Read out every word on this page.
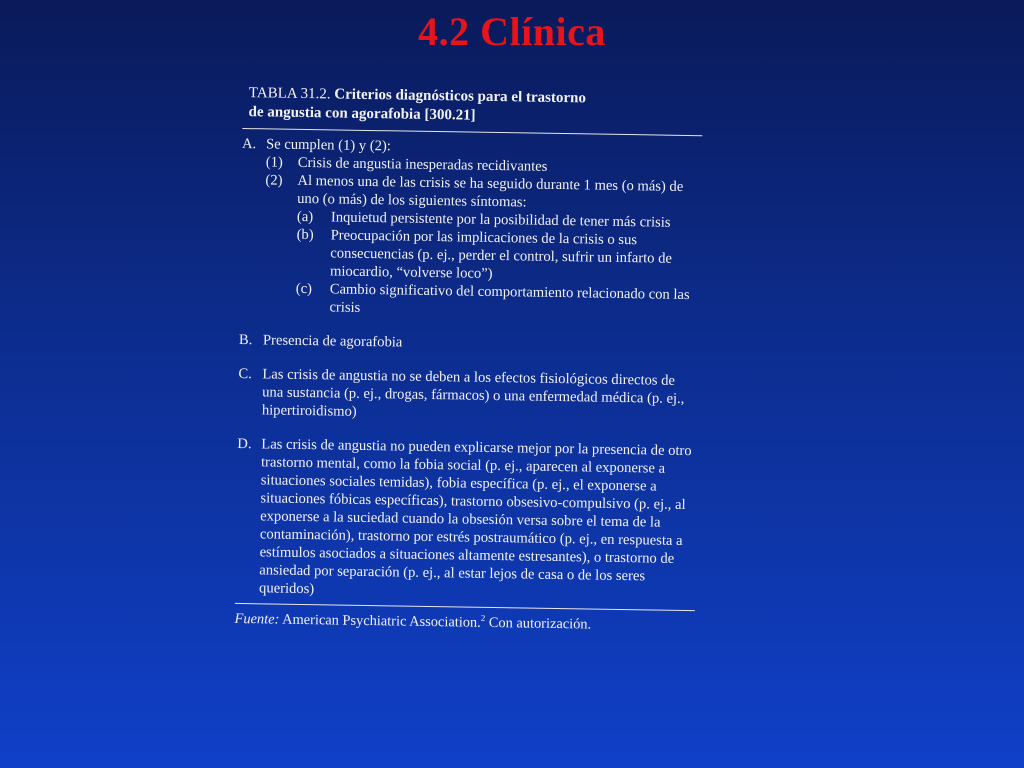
4.2 Clínica
TABLA 31.2. Criterios diagnósticos para el trastorno
de angustia con agorafobia [300.21]
A. Se cumplen (1) y (2):
(1)	Crisis de angustia inesperadas recidivantes
(2)	Al menos una de las crisis se ha seguido durante 1 mes (o más) de uno (o más) de los siguientes síntomas:
(a)	Inquietud persistente por la posibilidad de tener más crisis
(b)	Preocupación por las implicaciones de la crisis o sus consecuencias (p. ej., perder el control, sufrir un infarto de miocardio, “volverse loco”)
(c)	Cambio significativo del comportamiento relacionado con las crisis
B. Presencia de agorafobia
C. Las crisis de angustia no se deben a los efectos fisiológicos directos de una sustancia (p. ej., drogas, fármacos) o una enfermedad médica (p. ej., hipertiroidismo)
D. Las crisis de angustia no pueden explicarse mejor por la presencia de otro trastorno mental, como la fobia social (p. ej., aparecen al exponerse a situaciones sociales temidas), fobia específica (p. ej., el exponerse a situaciones fóbicas específicas), trastorno obsesivo-compulsivo (p. ej., al exponerse a la suciedad cuando la obsesión versa sobre el tema de la contaminación), trastorno por estrés postraumático (p. ej., en respuesta a estímulos asociados a situaciones altamente estresantes), o trastorno de ansiedad por separación (p. ej., al estar lejos de casa o de los seres queridos)
Fuente: American Psychiatric Association.$^2$ Con autorización.
